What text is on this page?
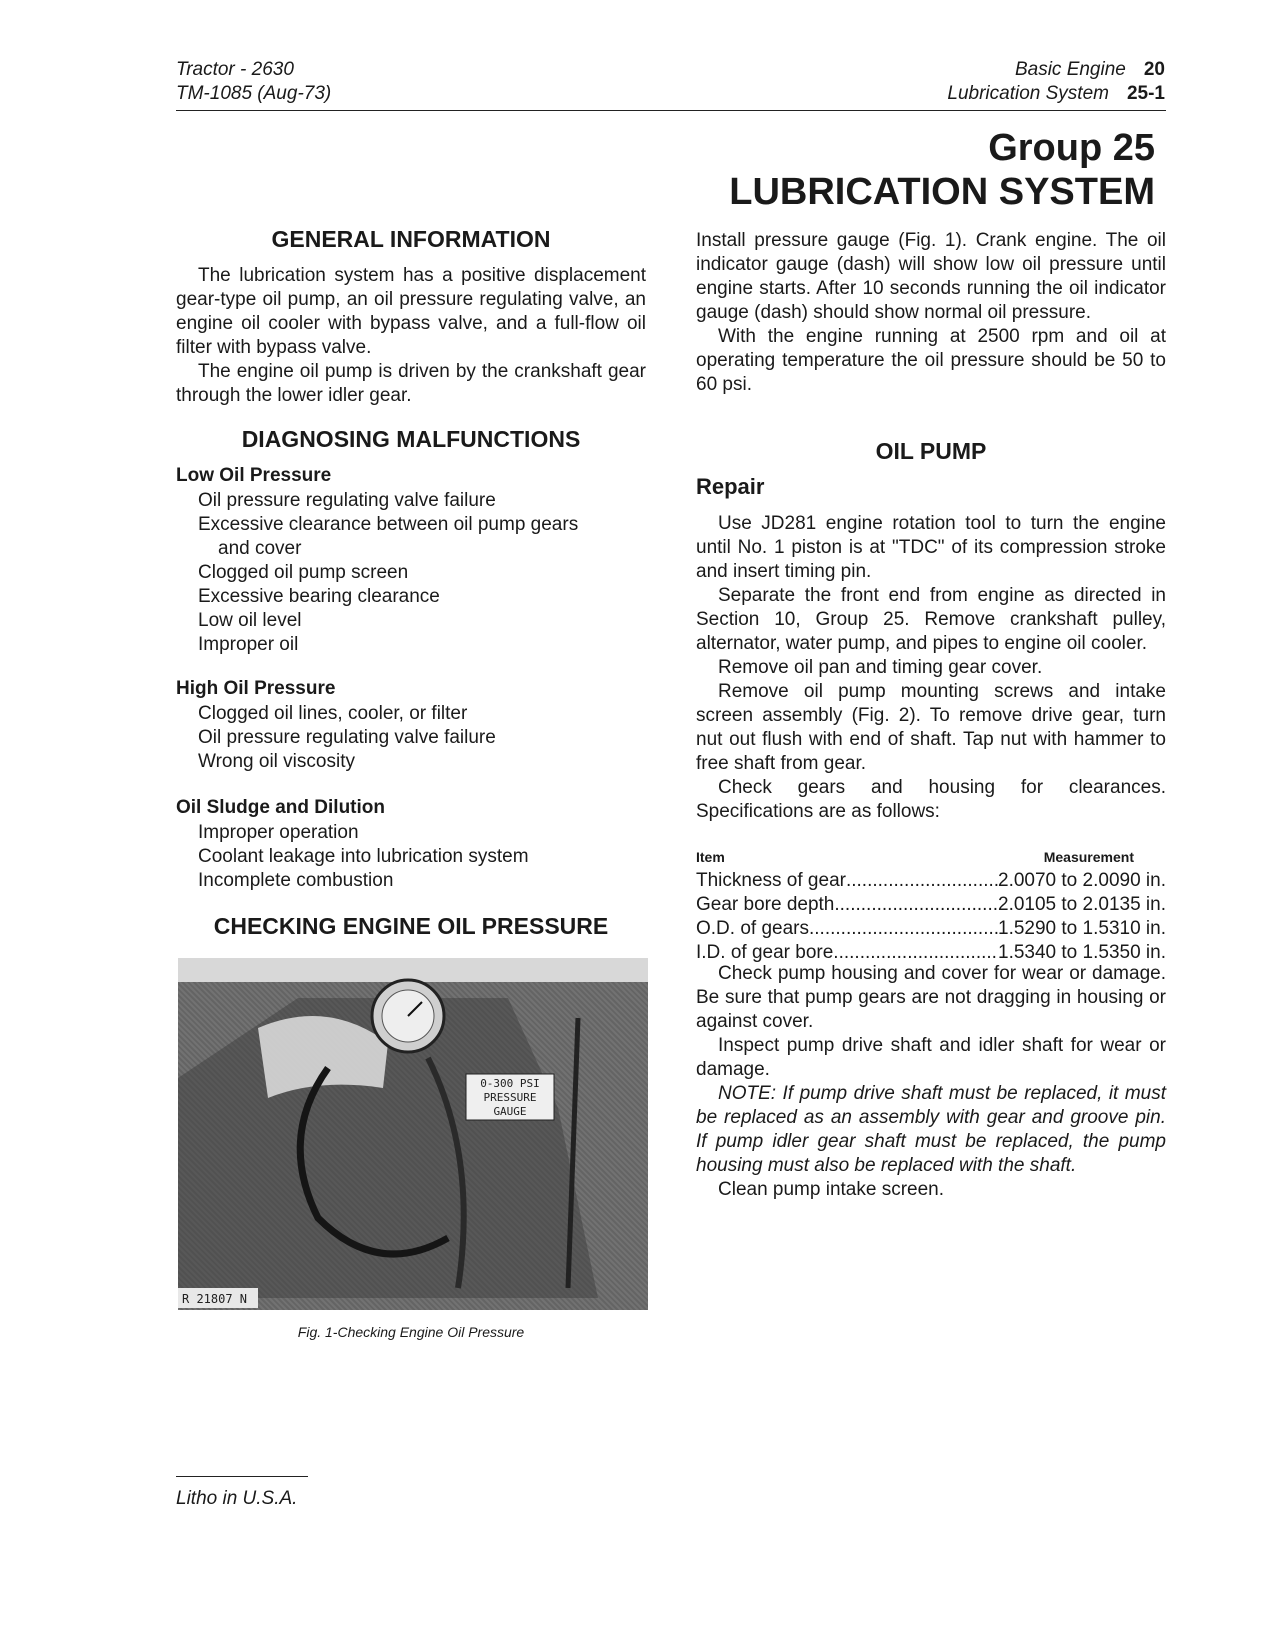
Tractor - 2630
TM-1085 (Aug-73)
Basic Engine 20
Lubrication System 25-1
Group 25
LUBRICATION SYSTEM
GENERAL INFORMATION

The lubrication system has a positive displacement gear-type oil pump, an oil pressure regulating valve, an engine oil cooler with bypass valve, and a full-flow oil filter with bypass valve.

The engine oil pump is driven by the crankshaft gear through the lower idler gear.

DIAGNOSING MALFUNCTIONS
Low Oil Pressure
Oil pressure regulating valve failure
Excessive clearance between oil pump gears
and cover
Clogged oil pump screen
Excessive bearing clearance
Low oil level
Improper oil
High Oil Pressure
Clogged oil lines, cooler, or filter
Oil pressure regulating valve failure
Wrong oil viscosity
Oil Sludge and Dilution
Improper operation
Coolant leakage into lubrication system
Incomplete combustion
CHECKING ENGINE OIL PRESSURE
0-300 PSI
PRESSURE
GAUGE
R 21807 N
Fig. 1-Checking Engine Oil Pressure

Install pressure gauge (Fig. 1). Crank engine. The oil indicator gauge (dash) will show low oil pressure until engine starts. After 10 seconds running the oil indicator gauge (dash) should show normal oil pressure.

With the engine running at 2500 rpm and oil at operating temperature the oil pressure should be 50 to 60 psi.

OIL PUMP
Repair

Use JD281 engine rotation tool to turn the engine until No. 1 piston is at "TDC" of its compression stroke and insert timing pin.

Separate the front end from engine as directed in Section 10, Group 25. Remove crankshaft pulley, alternator, water pump, and pipes to engine oil cooler.

Remove oil pan and timing gear cover.

Remove oil pump mounting screws and intake screen assembly (Fig. 2). To remove drive gear, turn nut out flush with end of shaft. Tap nut with hammer to free shaft from gear.

Check gears and housing for clearances. Specifications are as follows:

Item	Measurement
Thickness of gear .....	2.0070 to 2.0090 in.
Gear bore depth .....	2.0105 to 2.0135 in.
O.D. of gears .....	1.5290 to 1.5310 in.
I.D. of gear bore .....	1.5340 to 1.5350 in.

Check pump housing and cover for wear or damage. Be sure that pump gears are not dragging in housing or against cover.

Inspect pump drive shaft and idler shaft for wear or damage.

NOTE: If pump drive shaft must be replaced, it must be replaced as an assembly with gear and groove pin. If pump idler gear shaft must be replaced, the pump housing must also be replaced with the shaft.

Clean pump intake screen.

Litho in U.S.A.
